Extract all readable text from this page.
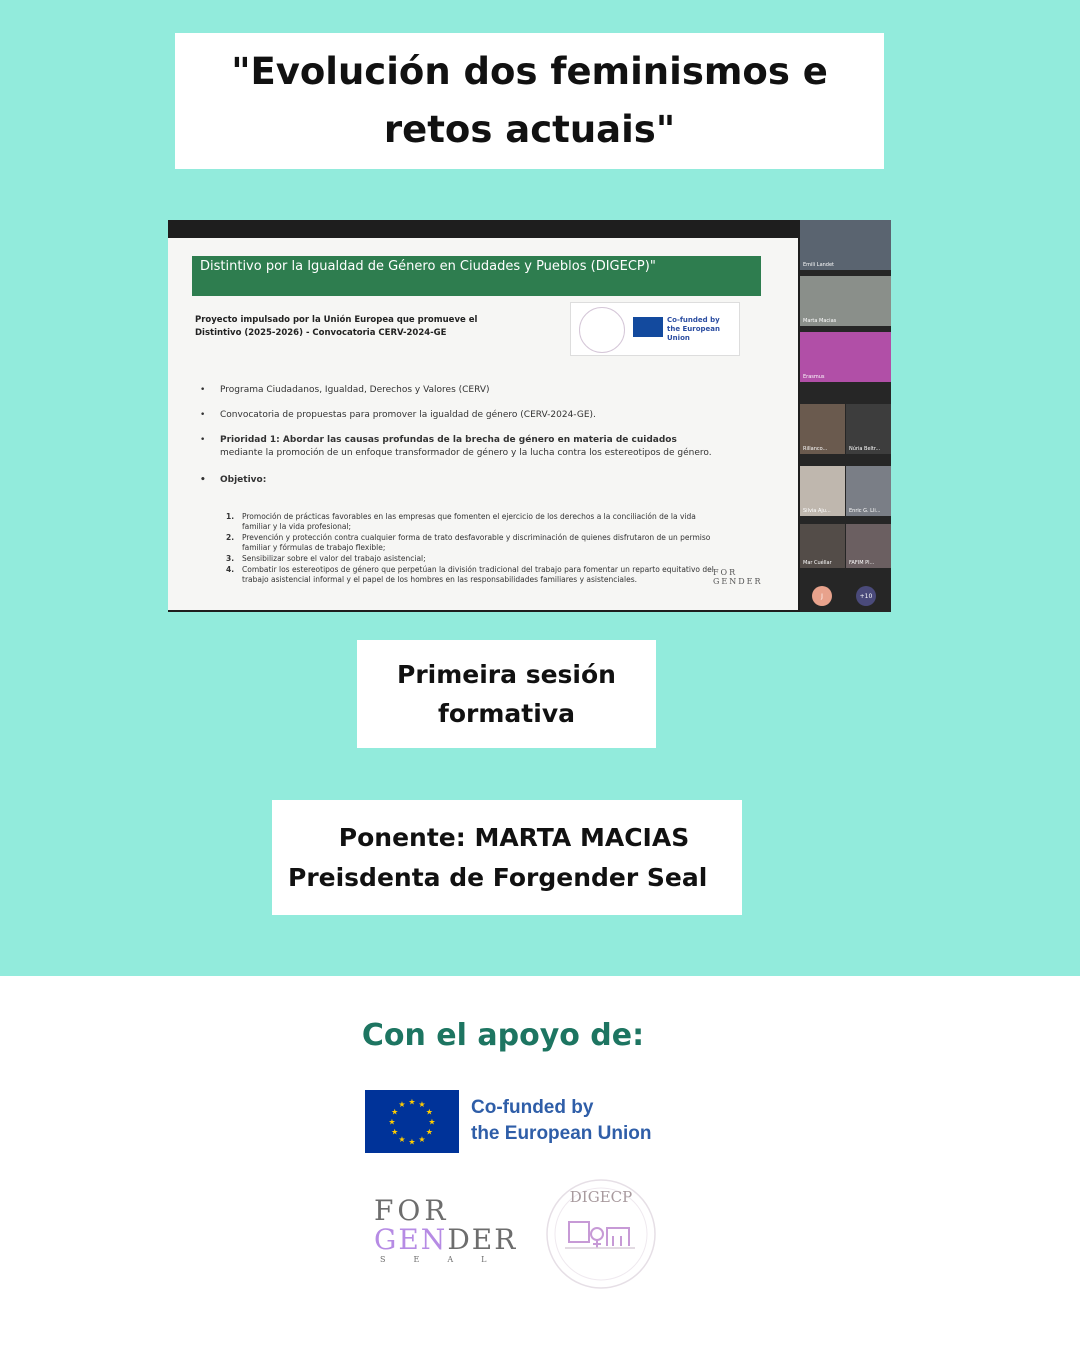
"Evolución dos feminismos e
retos actuais"
Distintivo por la Igualdad de Género en Ciudades y Pueblos (DIGECP)"
Proyecto impulsado por la Unión Europea que promueve el
Distintivo (2025-2026) - Convocatoria CERV-2024-GE
Co-funded by
the European Union
• Programa Ciudadanos, Igualdad, Derechos y Valores (CERV)
• Convocatoria de propuestas para promover la igualdad de género (CERV-2024-GE).
• Prioridad 1: Abordar las causas profundas de la brecha de género en materia de cuidados
mediante la promoción de un enfoque transformador de género y la lucha contra los estereotipos de género.
• Objetivo:
1. Promoción de prácticas favorables en las empresas que fomenten el ejercicio de los derechos a la conciliación de la vida familiar y la vida profesional;
2. Prevención y protección contra cualquier forma de trato desfavorable y discriminación de quienes disfrutaron de un permiso familiar y fórmulas de trabajo flexible;
3. Sensibilizar sobre el valor del trabajo asistencial;
4. Combatir los estereotipos de género que perpetúan la división tradicional del trabajo para fomentar un reparto equitativo del trabajo asistencial informal y el papel de los hombres en las responsabilidades familiares y asistenciales.
FOR
GENDER
Emili Landet
Marta Macias
Erasmus
Rillanco...	Núria Beltr...
Silvia Aju...	Enric G. Lli...
Mar Cuéllar	FAFIM Pl...
J	+10
Primeira sesión
formativa
Ponente: MARTA MACIAS
Preisdenta de Forgender Seal
Con el apoyo de:
★ ★
★
★
★
★
★
★
★
★
★
★	Co-funded by
the European Union
FOR
GENDER
SEAL
DIGECP
